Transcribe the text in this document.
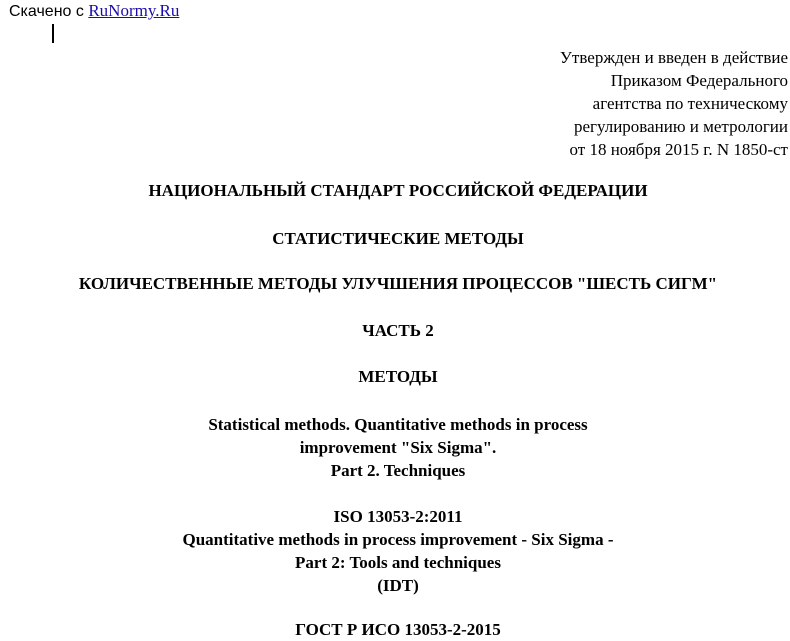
Скачено с RuNormy.Ru
Утвержден и введен в действие
Приказом Федерального
агентства по техническому
регулированию и метрологии
от 18 ноября 2015 г. N 1850-ст
НАЦИОНАЛЬНЫЙ СТАНДАРТ РОССИЙСКОЙ ФЕДЕРАЦИИ
СТАТИСТИЧЕСКИЕ МЕТОДЫ
КОЛИЧЕСТВЕННЫЕ МЕТОДЫ УЛУЧШЕНИЯ ПРОЦЕССОВ "ШЕСТЬ СИГМ"
ЧАСТЬ 2
МЕТОДЫ
Statistical methods. Quantitative methods in process
improvement "Six Sigma".
Part 2. Techniques
ISO 13053-2:2011
Quantitative methods in process improvement - Six Sigma -
Part 2: Tools and techniques
(IDT)
ГОСТ Р ИСО 13053-2-2015
